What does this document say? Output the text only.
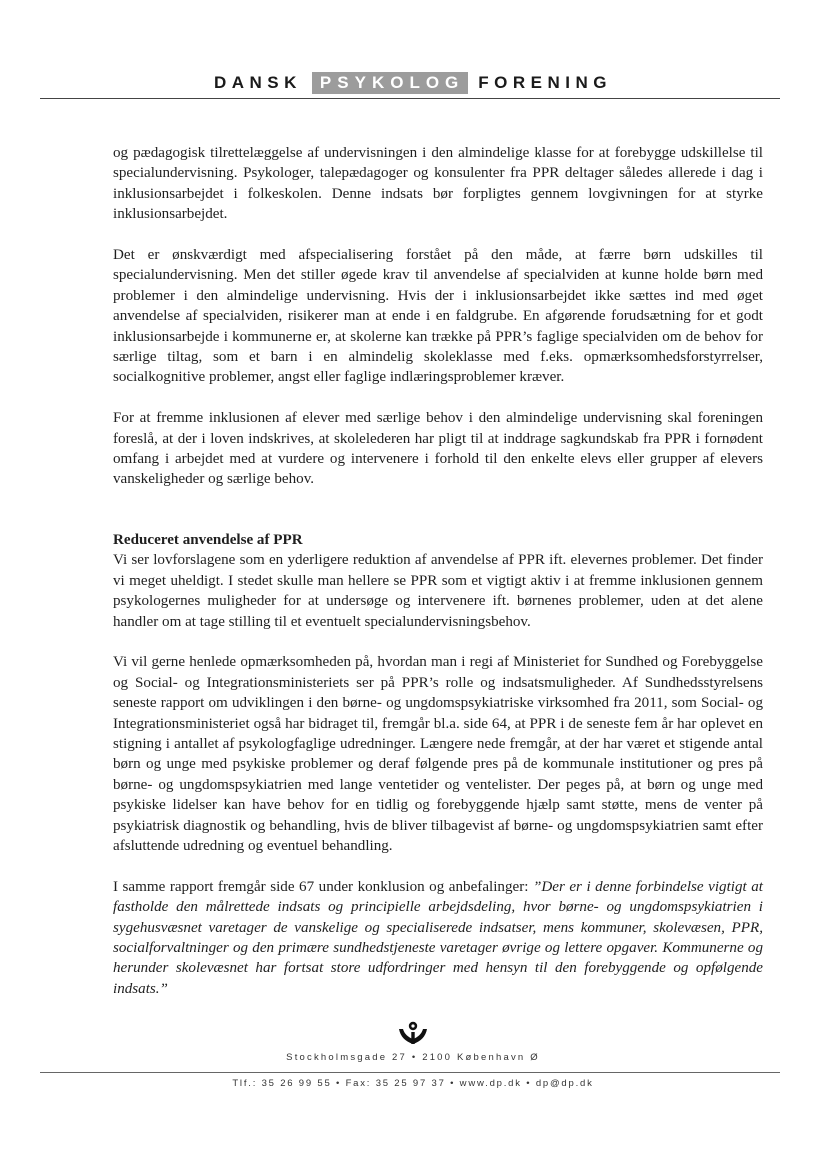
DANSK PSYKOLOG FORENING

og pædagogisk tilrettelæggelse af undervisningen i den almindelige klasse for at forebygge udskillelse til specialundervisning. Psykologer, talepædagoger og konsulenter fra PPR deltager således allerede i dag i inklusionsarbejdet i folkeskolen. Denne indsats bør forpligtes gennem lovgivningen for at styrke inklusionsarbejdet.

Det er ønskværdigt med afspecialisering forstået på den måde, at færre børn udskilles til specialundervisning. Men det stiller øgede krav til anvendelse af specialviden at kunne holde børn med problemer i den almindelige undervisning. Hvis der i inklusionsarbejdet ikke sættes ind med øget anvendelse af specialviden, risikerer man at ende i en faldgrube. En afgørende forudsætning for et godt inklusionsarbejde i kommunerne er, at skolerne kan trække på PPR’s faglige specialviden om de behov for særlige tiltag, som et barn i en almindelig skoleklasse med f.eks. opmærksomhedsforstyrrelser, socialkognitive problemer, angst eller faglige indlæringsproblemer kræver.

For at fremme inklusionen af elever med særlige behov i den almindelige undervisning skal foreningen foreslå, at der i loven indskrives, at skolelederen har pligt til at inddrage sagkundskab fra PPR i fornødent omfang i arbejdet med at vurdere og intervenere i forhold til den enkelte elevs eller grupper af elevers vanskeligheder og særlige behov.

Reduceret anvendelse af PPR

Vi ser lovforslagene som en yderligere reduktion af anvendelse af PPR ift. elevernes problemer. Det finder vi meget uheldigt. I stedet skulle man hellere se PPR som et vigtigt aktiv i at fremme inklusionen gennem psykologernes muligheder for at undersøge og intervenere ift. børnenes problemer, uden at det alene handler om at tage stilling til et eventuelt specialundervisningsbehov.

Vi vil gerne henlede opmærksomheden på, hvordan man i regi af Ministeriet for Sundhed og Forebyggelse og Social- og Integrationsministeriets ser på PPR’s rolle og indsatsmuligheder. Af Sundhedsstyrelsens seneste rapport om udviklingen i den børne- og ungdomspsykiatriske virksomhed fra 2011, som Social- og Integrationsministeriet også har bidraget til, fremgår bl.a. side 64, at PPR i de seneste fem år har oplevet en stigning i antallet af psykologfaglige udredninger. Længere nede fremgår, at der har været et stigende antal børn og unge med psykiske problemer og deraf følgende pres på de kommunale institutioner og pres på børne- og ungdomspsykiatrien med lange ventetider og ventelister. Der peges på, at børn og unge med psykiske lidelser kan have behov for en tidlig og forebyggende hjælp samt støtte, mens de venter på psykiatrisk diagnostik og behandling, hvis de bliver tilbagevist af børne- og ungdomspsykiatrien samt efter afsluttende udredning og eventuel behandling.

I samme rapport fremgår side 67 under konklusion og anbefalinger: ”Der er i denne forbindelse vigtigt at fastholde den målrettede indsats og principielle arbejdsdeling, hvor børne- og ungdomspsykiatrien i sygehusvæsnet varetager de vanskelige og specialiserede indsatser, mens kommuner, skolevæsen, PPR, socialforvaltninger og den primære sundhedstjeneste varetager øvrige og lettere opgaver. Kommunerne og herunder skolevæsnet har fortsat store udfordringer med hensyn til den forebyggende og opfølgende indsats.”

Stockholmsgade 27 • 2100 København Ø
Tlf.: 35 26 99 55 • Fax: 35 25 97 37 • www.dp.dk • dp@dp.dk
